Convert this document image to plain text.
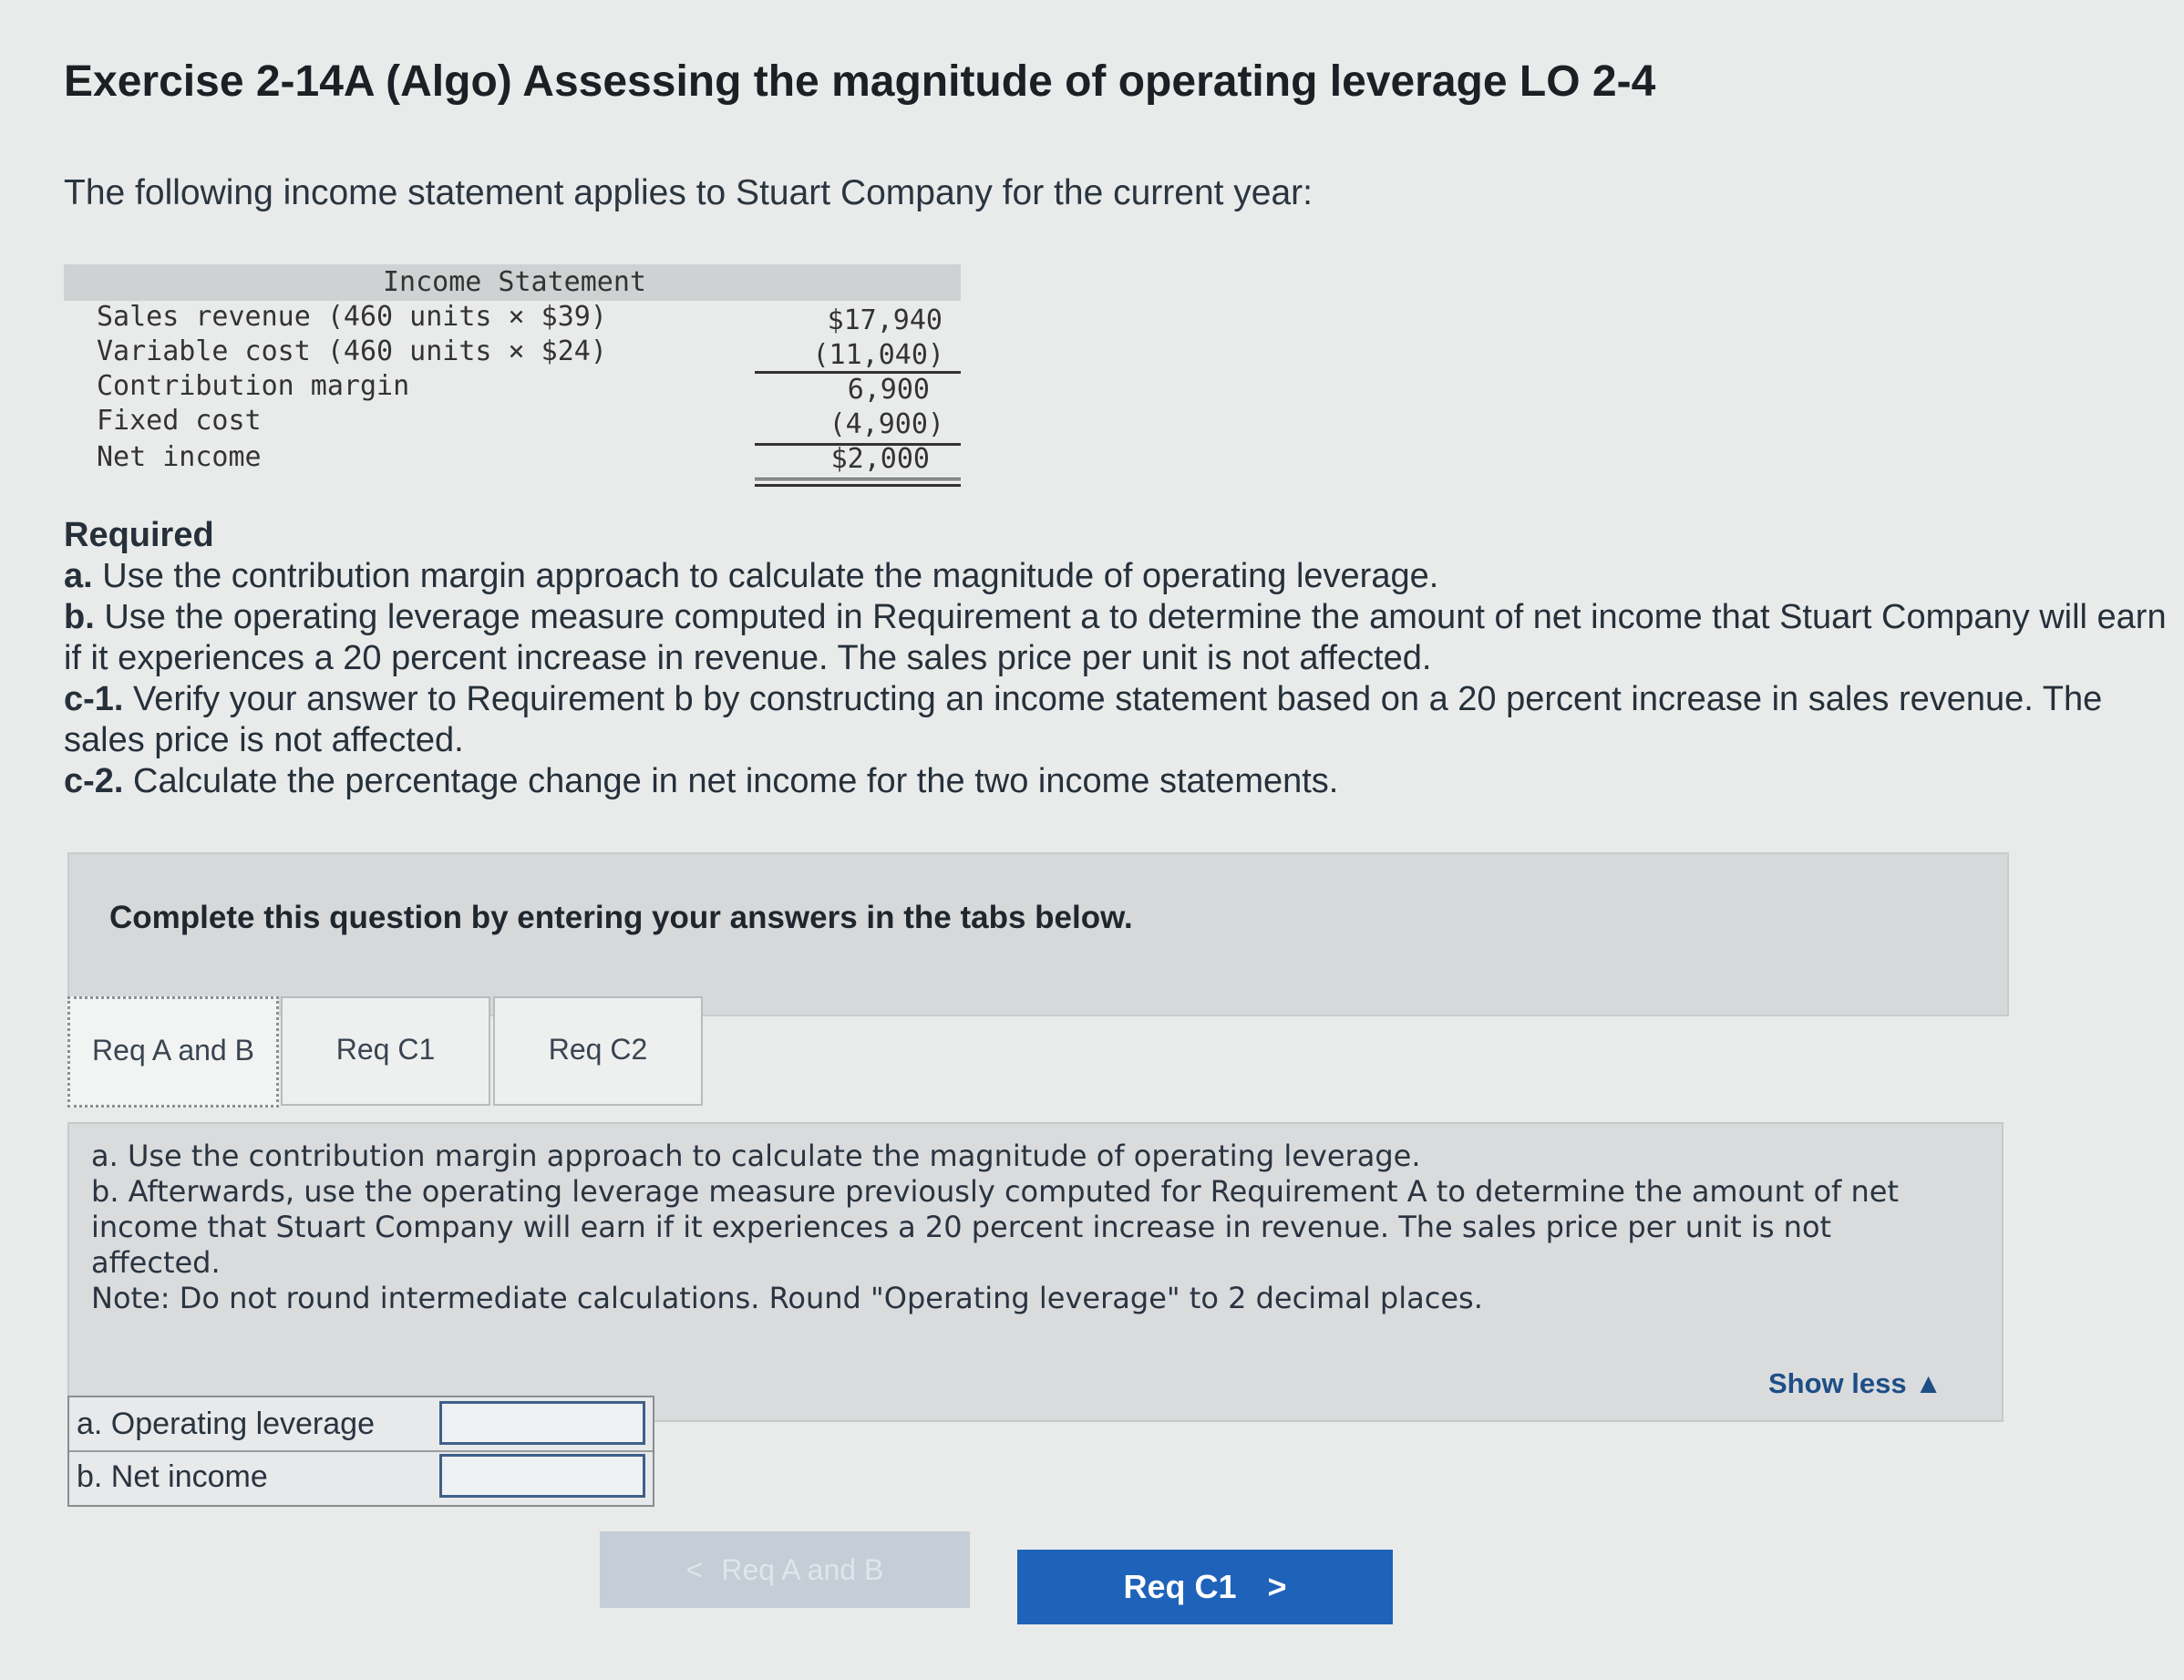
Exercise 2-14A (Algo) Assessing the magnitude of operating leverage LO 2-4
The following income statement applies to Stuart Company for the current year:
Income Statement
Sales revenue (460 units × $39)	$17,940
Variable cost (460 units × $24)	(11,040)
Contribution margin	6,900
Fixed cost	(4,900)
Net income	$2,000
Required
a. Use the contribution margin approach to calculate the magnitude of operating leverage.
b. Use the operating leverage measure computed in Requirement a to determine the amount of net income that Stuart Company will earn if it experiences a 20 percent increase in revenue. The sales price per unit is not affected.
c-1. Verify your answer to Requirement b by constructing an income statement based on a 20 percent increase in sales revenue. The sales price is not affected.
c-2. Calculate the percentage change in net income for the two income statements.
Complete this question by entering your answers in the tabs below.
Req A and B	Req C1	Req C2
a. Use the contribution margin approach to calculate the magnitude of operating leverage.
b. Afterwards, use the operating leverage measure previously computed for Requirement A to determine the amount of net income that Stuart Company will earn if it experiences a 20 percent increase in revenue. The sales price per unit is not affected.
Note: Do not round intermediate calculations. Round "Operating leverage" to 2 decimal places.
Show less ▲
a. Operating leverage
b. Net income
< Req A and B	Req C1 >
